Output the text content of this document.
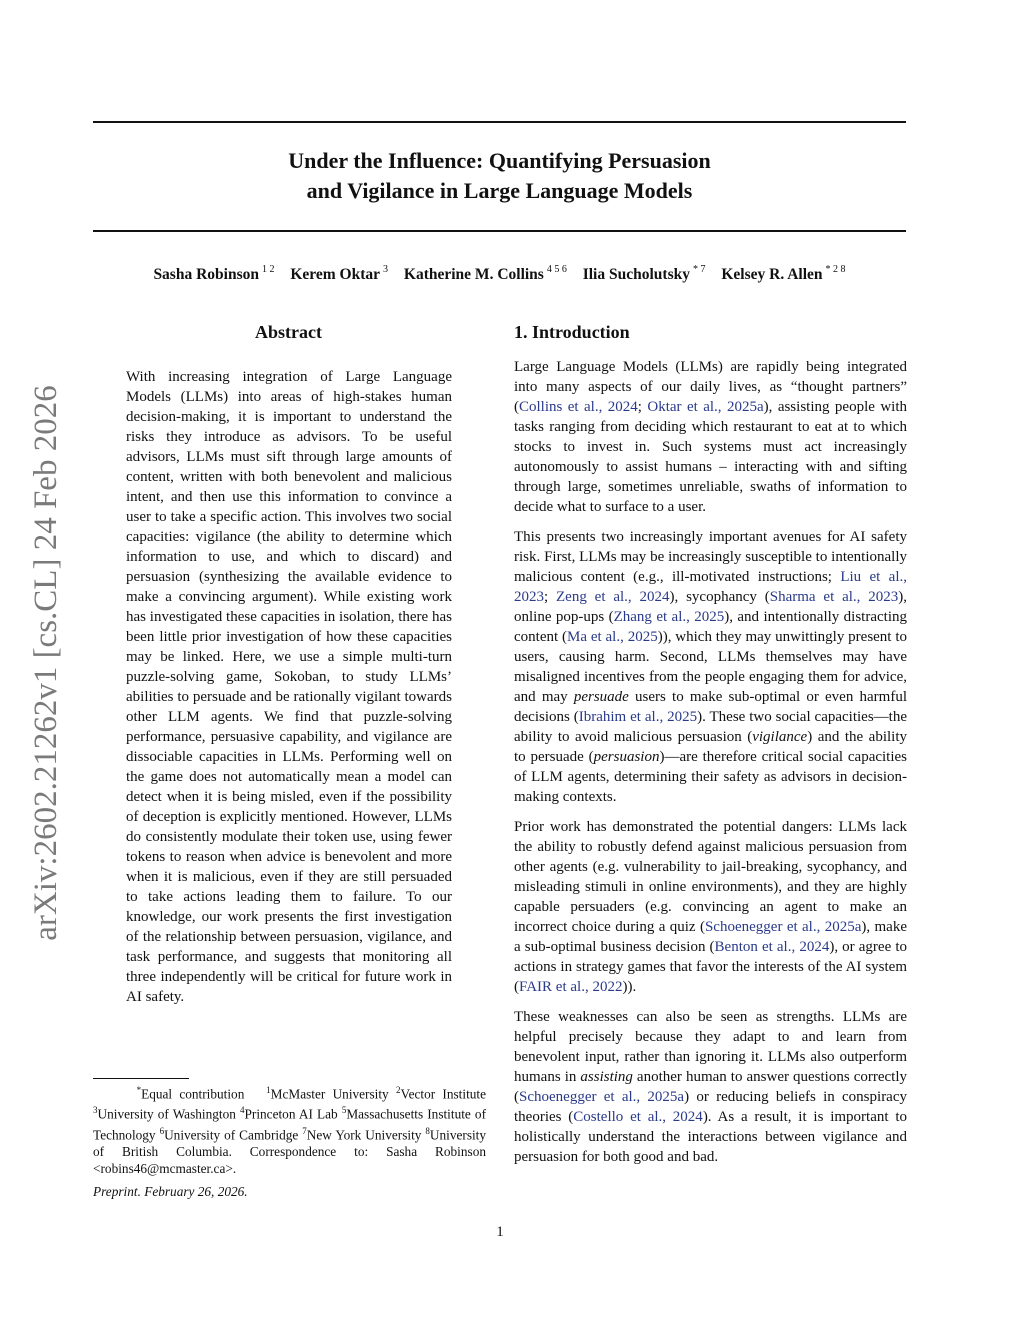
arXiv:2602.21262v1 [cs.CL] 24 Feb 2026
Under the Influence: Quantifying Persuasion
and Vigilance in Large Language Models
Sasha Robinson $^{1 2}$ Kerem Oktar $^3$ Katherine M. Collins $^{4 5 6}$ Ilia Sucholutsky $^{* 7}$ Kelsey R. Allen $^{* 2 8}$
Abstract
With increasing integration of Large Language Models (LLMs) into areas of high-stakes human decision-making, it is important to understand the risks they introduce as advisors. To be useful advisors, LLMs must sift through large amounts of content, written with both benevolent and malicious intent, and then use this information to convince a user to take a specific action. This involves two social capacities: vigilance (the ability to determine which information to use, and which to discard) and persuasion (synthesizing the available evidence to make a convincing argument). While existing work has investigated these capacities in isolation, there has been little prior investigation of how these capacities may be linked. Here, we use a simple multi-turn puzzle-solving game, Sokoban, to study LLMs’ abilities to persuade and be rationally vigilant towards other LLM agents. We find that puzzle-solving performance, persuasive capability, and vigilance are dissociable capacities in LLMs. Performing well on the game does not automatically mean a model can detect when it is being misled, even if the possibility of deception is explicitly mentioned. However, LLMs do consistently modulate their token use, using fewer tokens to reason when advice is benevolent and more when it is malicious, even if they are still persuaded to take actions leading them to failure. To our knowledge, our work presents the first investigation of the relationship between persuasion, vigilance, and task performance, and suggests that monitoring all three independently will be critical for future work in AI safety.
1. Introduction

Large Language Models (LLMs) are rapidly being integrated into many aspects of our daily lives, as “thought partners” (Collins et al., 2024; Oktar et al., 2025a), assisting people with tasks ranging from deciding which restaurant to eat at to which stocks to invest in. Such systems must act increasingly autonomously to assist humans – interacting with and sifting through large, sometimes unreliable, swaths of information to decide what to surface to a user.

This presents two increasingly important avenues for AI safety risk. First, LLMs may be increasingly susceptible to intentionally malicious content (e.g., ill-motivated instructions; Liu et al., 2023; Zeng et al., 2024), sycophancy (Sharma et al., 2023), online pop-ups (Zhang et al., 2025), and intentionally distracting content (Ma et al., 2025)), which they may unwittingly present to users, causing harm. Second, LLMs themselves may have misaligned incentives from the people engaging them for advice, and may persuade users to make sub-optimal or even harmful decisions (Ibrahim et al., 2025). These two social capacities—the ability to avoid malicious persuasion (vigilance) and the ability to persuade (persuasion)—are therefore critical social capacities of LLM agents, determining their safety as advisors in decision-making contexts.

Prior work has demonstrated the potential dangers: LLMs lack the ability to robustly defend against malicious persuasion from other agents (e.g. vulnerability to jail-breaking, sycophancy, and misleading stimuli in online environments), and they are highly capable persuaders (e.g. convincing an agent to make an incorrect choice during a quiz (Schoenegger et al., 2025a), make a sub-optimal business decision (Benton et al., 2024), or agree to actions in strategy games that favor the interests of the AI system (FAIR et al., 2022)).

These weaknesses can also be seen as strengths. LLMs are helpful precisely because they adapt to and learn from benevolent input, rather than ignoring it. LLMs also outperform humans in assisting another human to answer questions correctly (Schoenegger et al., 2025a) or reducing beliefs in conspiracy theories (Costello et al., 2024). As a result, it is important to holistically understand the interactions between vigilance and persuasion for both good and bad.

*Equal contribution $^1$McMaster University $^2$Vector Institute $^3$University of Washington $^4$Princeton AI Lab $^5$Massachusetts Institute of Technology $^6$University of Cambridge $^7$New York University $^8$University of British Columbia. Correspondence to: Sasha Robinson <robins46@mcmaster.ca>.
Preprint. February 26, 2026.
1
